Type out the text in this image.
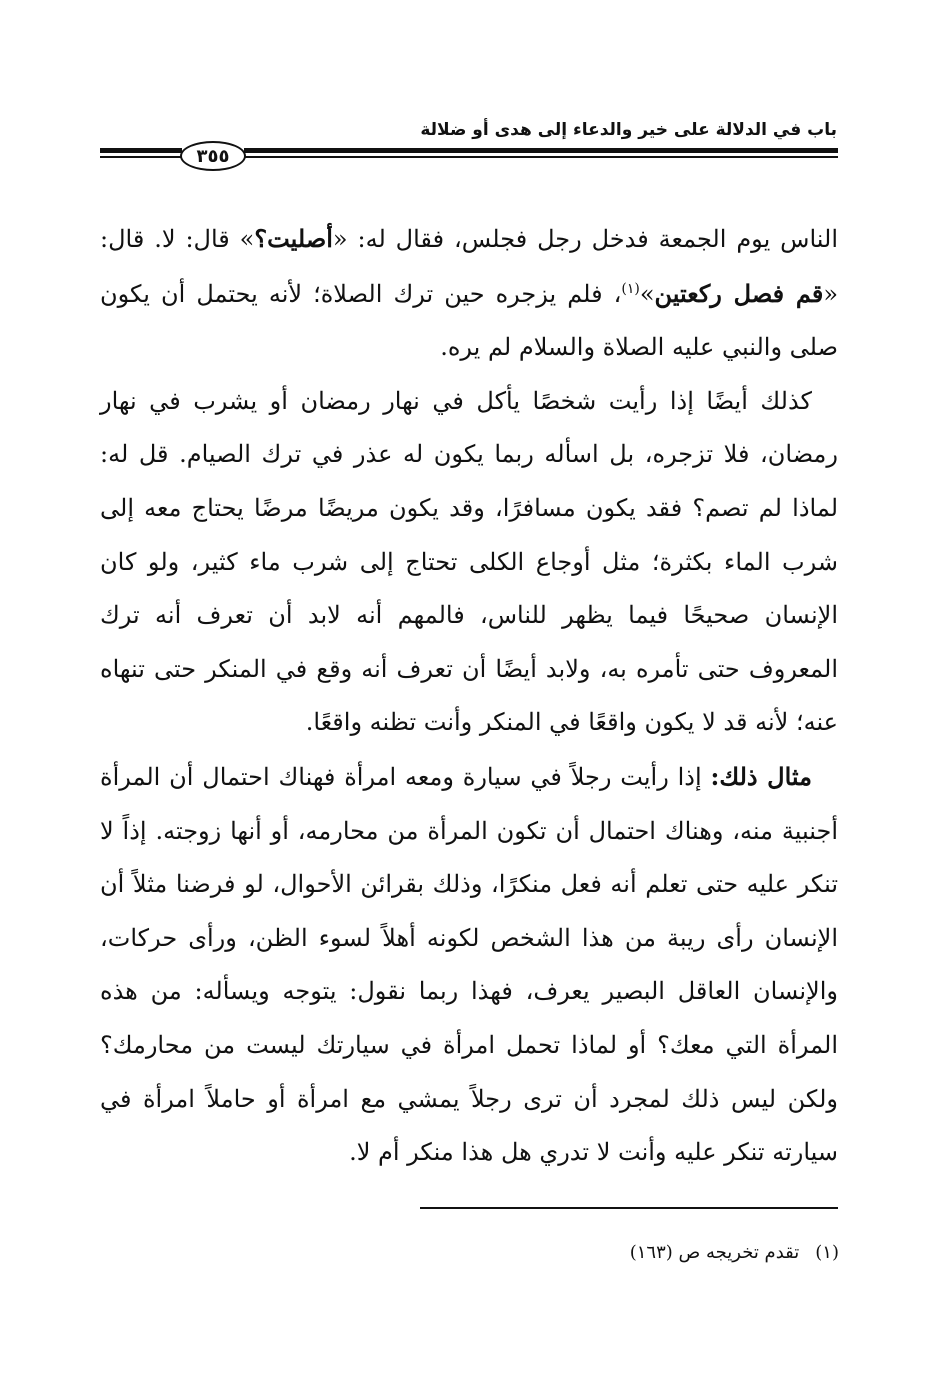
باب في الدلالة على خير والدعاء إلى هدى أو ضلالة
٣٥٥

الناس يوم الجمعة فدخل رجل فجلس، فقال له: «أصليت؟» قال: لا. قال: «قم فصل ركعتين»$^{(١)}$، فلم يزجره حين ترك الصلاة؛ لأنه يحتمل أن يكون صلى والنبي عليه الصلاة والسلام لم يره.

كذلك أيضًا إذا رأيت شخصًا يأكل في نهار رمضان أو يشرب في نهار رمضان، فلا تزجره، بل اسأله ربما يكون له عذر في ترك الصيام. قل له: لماذا لم تصم؟ فقد يكون مسافرًا، وقد يكون مريضًا مرضًا يحتاج معه إلى شرب الماء بكثرة؛ مثل أوجاع الكلى تحتاج إلى شرب ماء كثير، ولو كان الإنسان صحيحًا فيما يظهر للناس، فالمهم أنه لابد أن تعرف أنه ترك المعروف حتى تأمره به، ولابد أيضًا أن تعرف أنه وقع في المنكر حتى تنهاه عنه؛ لأنه قد لا يكون واقعًا في المنكر وأنت تظنه واقعًا.

مثال ذلك: إذا رأيت رجلاً في سيارة ومعه امرأة فهناك احتمال أن المرأة أجنبية منه، وهناك احتمال أن تكون المرأة من محارمه، أو أنها زوجته. إذاً لا تنكر عليه حتى تعلم أنه فعل منكرًا، وذلك بقرائن الأحوال، لو فرضنا مثلاً أن الإنسان رأى ريبة من هذا الشخص لكونه أهلاً لسوء الظن، ورأى حركات، والإنسان العاقل البصير يعرف، فهذا ربما نقول: يتوجه ويسأله: من هذه المرأة التي معك؟ أو لماذا تحمل امرأة في سيارتك ليست من محارمك؟ ولكن ليس ذلك لمجرد أن ترى رجلاً يمشي مع امرأة أو حاملاً امرأة في سيارته تنكر عليه وأنت لا تدري هل هذا منكر أم لا.

(١)تقدم تخريجه ص (١٦٣)
